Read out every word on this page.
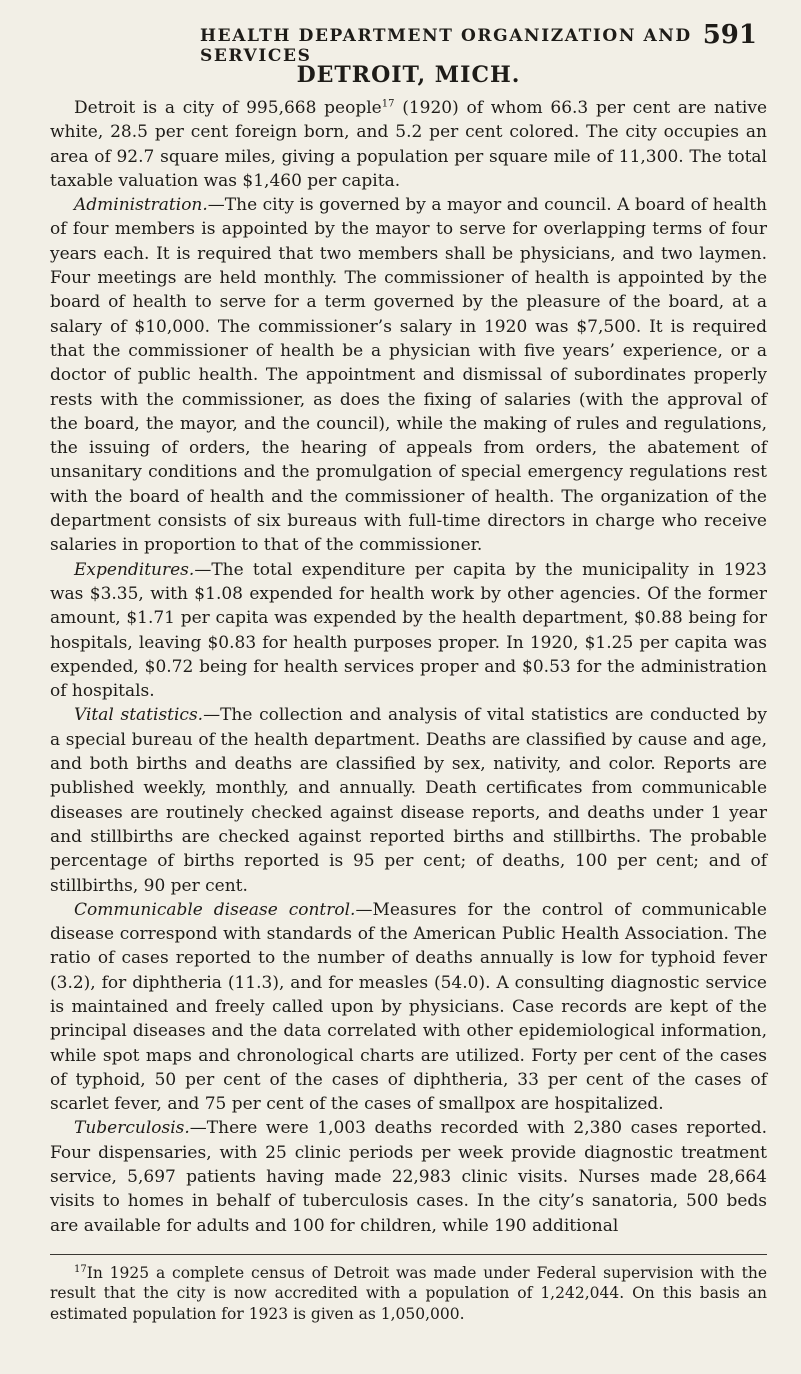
HEALTH DEPARTMENT ORGANIZATION AND SERVICES
591
DETROIT, MICH.

Detroit is a city of 995,668 people$^{17}$ (1920) of whom 66.3 per cent are native white, 28.5 per cent foreign born, and 5.2 per cent colored. The city occupies an area of 92.7 square miles, giving a population per square mile of 11,300. The total taxable valuation was $1,460 per capita.

Administration.—The city is governed by a mayor and council. A board of health of four members is appointed by the mayor to serve for overlapping terms of four years each. It is required that two members shall be physicians, and two laymen. Four meetings are held monthly. The commissioner of health is appointed by the board of health to serve for a term governed by the pleasure of the board, at a salary of $10,000. The commissioner’s salary in 1920 was $7,500. It is required that the commissioner of health be a physician with five years’ experience, or a doctor of public health. The appointment and dismissal of subordinates properly rests with the commissioner, as does the fixing of salaries (with the approval of the board, the mayor, and the council), while the making of rules and regulations, the issuing of orders, the hearing of appeals from orders, the abatement of unsanitary conditions and the promulgation of special emergency regulations rest with the board of health and the commissioner of health. The organization of the department consists of six bureaus with full-time directors in charge who receive salaries in proportion to that of the commissioner.

Expenditures.—The total expenditure per capita by the municipality in 1923 was $3.35, with $1.08 expended for health work by other agencies. Of the former amount, $1.71 per capita was expended by the health department, $0.88 being for hospitals, leaving $0.83 for health purposes proper. In 1920, $1.25 per capita was expended, $0.72 being for health services proper and $0.53 for the administration of hospitals.

Vital statistics.—The collection and analysis of vital statistics are conducted by a special bureau of the health department. Deaths are classified by cause and age, and both births and deaths are classified by sex, nativity, and color. Reports are published weekly, monthly, and annually. Death certificates from communicable diseases are routinely checked against disease reports, and deaths under 1 year and stillbirths are checked against reported births and stillbirths. The probable percentage of births reported is 95 per cent; of deaths, 100 per cent; and of stillbirths, 90 per cent.

Communicable disease control.—Measures for the control of communicable disease correspond with standards of the American Public Health Association. The ratio of cases reported to the number of deaths annually is low for typhoid fever (3.2), for diphtheria (11.3), and for measles (54.0). A consulting diagnostic service is maintained and freely called upon by physicians. Case records are kept of the principal diseases and the data correlated with other epidemiological information, while spot maps and chronological charts are utilized. Forty per cent of the cases of typhoid, 50 per cent of the cases of diphtheria, 33 per cent of the cases of scarlet fever, and 75 per cent of the cases of smallpox are hospitalized.

Tuberculosis.—There were 1,003 deaths recorded with 2,380 cases reported. Four dispensaries, with 25 clinic periods per week provide diagnostic treatment service, 5,697 patients having made 22,983 clinic visits. Nurses made 28,664 visits to homes in behalf of tuberculosis cases. In the city’s sanatoria, 500 beds are available for adults and 100 for children, while 190 additional

$^{17}$In 1925 a complete census of Detroit was made under Federal supervision with the result that the city is now accredited with a population of 1,242,044. On this basis an estimated population for 1923 is given as 1,050,000.
